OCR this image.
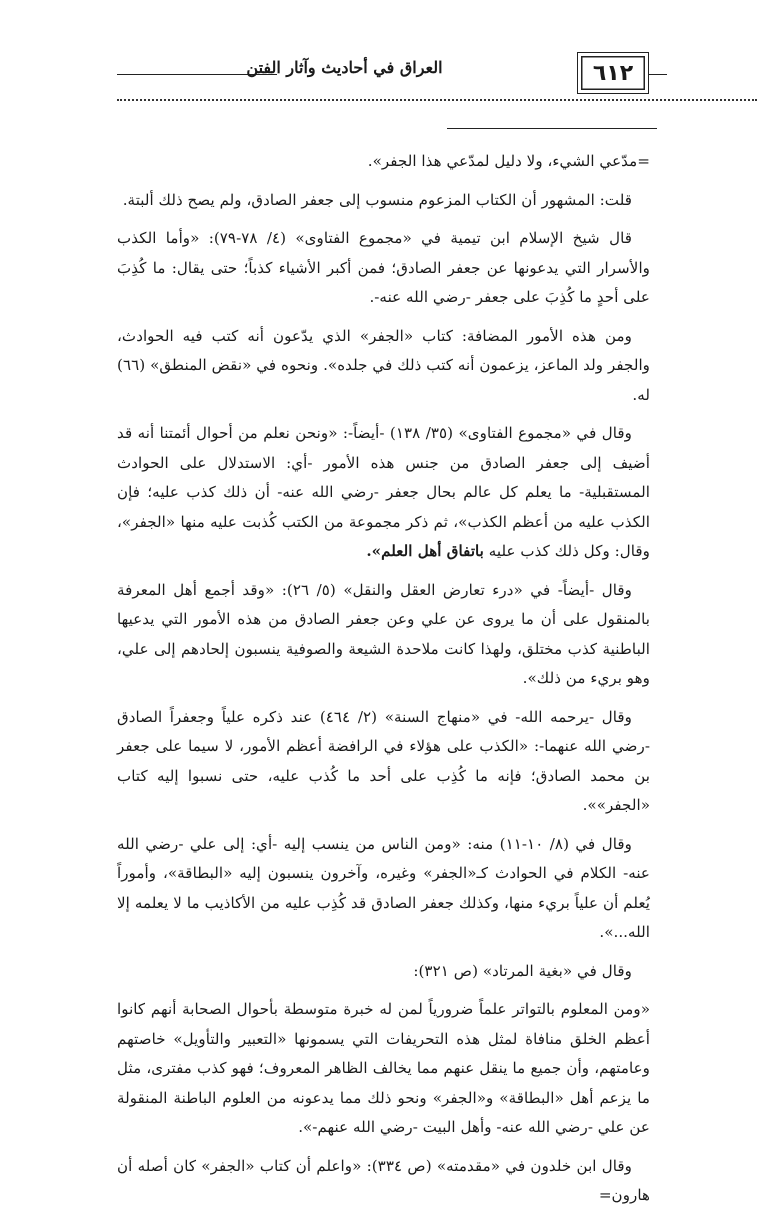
العراق في أحاديث وآثار الفتن	٦١٢

=مدّعي الشيء، ولا دليل لمدّعي هذا الجفر».

قلت: المشهور أن الكتاب المزعوم منسوب إلى جعفر الصادق، ولم يصح ذلك ألبتة.

قال شيخ الإسلام ابن تيمية في «مجموع الفتاوى» (٤/ ٧٨-٧٩): «وأما الكذب والأسرار التي يدعونها عن جعفر الصادق؛ فمن أكبر الأشياء كذباً؛ حتى يقال: ما كُذِبَ على أحدٍ ما كُذِبَ على جعفر -رضي الله عنه-.

ومن هذه الأمور المضافة: كتاب «الجفر» الذي يدّعون أنه كتب فيه الحوادث، والجفر ولد الماعز، يزعمون أنه كتب ذلك في جلده». ونحوه في «نقض المنطق» (٦٦) له.

وقال في «مجموع الفتاوى» (٣٥/ ١٣٨) -أيضاً-: «ونحن نعلم من أحوال أئمتنا أنه قد أضيف إلى جعفر الصادق من جنس هذه الأمور -أي: الاستدلال على الحوادث المستقبلية- ما يعلم كل عالم بحال جعفر -رضي الله عنه- أن ذلك كذب عليه؛ فإن الكذب عليه من أعظم الكذب»، ثم ذكر مجموعة من الكتب كُذبت عليه منها «الجفر»، وقال: وكل ذلك كذب عليه باتفاق أهل العلم».

وقال -أيضاً- في «درء تعارض العقل والنقل» (٥/ ٢٦): «وقد أجمع أهل المعرفة بالمنقول على أن ما يروى عن علي وعن جعفر الصادق من هذه الأمور التي يدعيها الباطنية كذب مختلق، ولهذا كانت ملاحدة الشيعة والصوفية ينسبون إلحادهم إلى علي، وهو بريء من ذلك».

وقال -يرحمه الله- في «منهاج السنة» (٢/ ٤٦٤) عند ذكره علياً وجعفراً الصادق -رضي الله عنهما-: «الكذب على هؤلاء في الرافضة أعظم الأمور، لا سيما على جعفر بن محمد الصادق؛ فإنه ما كُذِب على أحد ما كُذب عليه، حتى نسبوا إليه كتاب «الجفر»».

وقال في (٨/ ١٠-١١) منه: «ومن الناس من ينسب إليه -أي: إلى علي -رضي الله عنه- الكلام في الحوادث كـ«الجفر» وغيره، وآخرون ينسبون إليه «البطاقة»، وأموراً يُعلم أن علياً بريء منها، وكذلك جعفر الصادق قد كُذِب عليه من الأكاذيب ما لا يعلمه إلا الله...».

وقال في «بغية المرتاد» (ص ٣٢١):

«ومن المعلوم بالتواتر علماً ضرورياً لمن له خبرة متوسطة بأحوال الصحابة أنهم كانوا أعظم الخلق منافاة لمثل هذه التحريفات التي يسمونها «التعبير والتأويل» خاصتهم وعامتهم، وأن جميع ما ينقل عنهم مما يخالف الظاهر المعروف؛ فهو كذب مفترى، مثل ما يزعم أهل «البطاقة» و«الجفر» ونحو ذلك مما يدعونه من العلوم الباطنة المنقولة عن علي -رضي الله عنه- وأهل البيت -رضي الله عنهم-».

وقال ابن خلدون في «مقدمته» (ص ٣٣٤): «واعلم أن كتاب «الجفر» كان أصله أن هارون=
